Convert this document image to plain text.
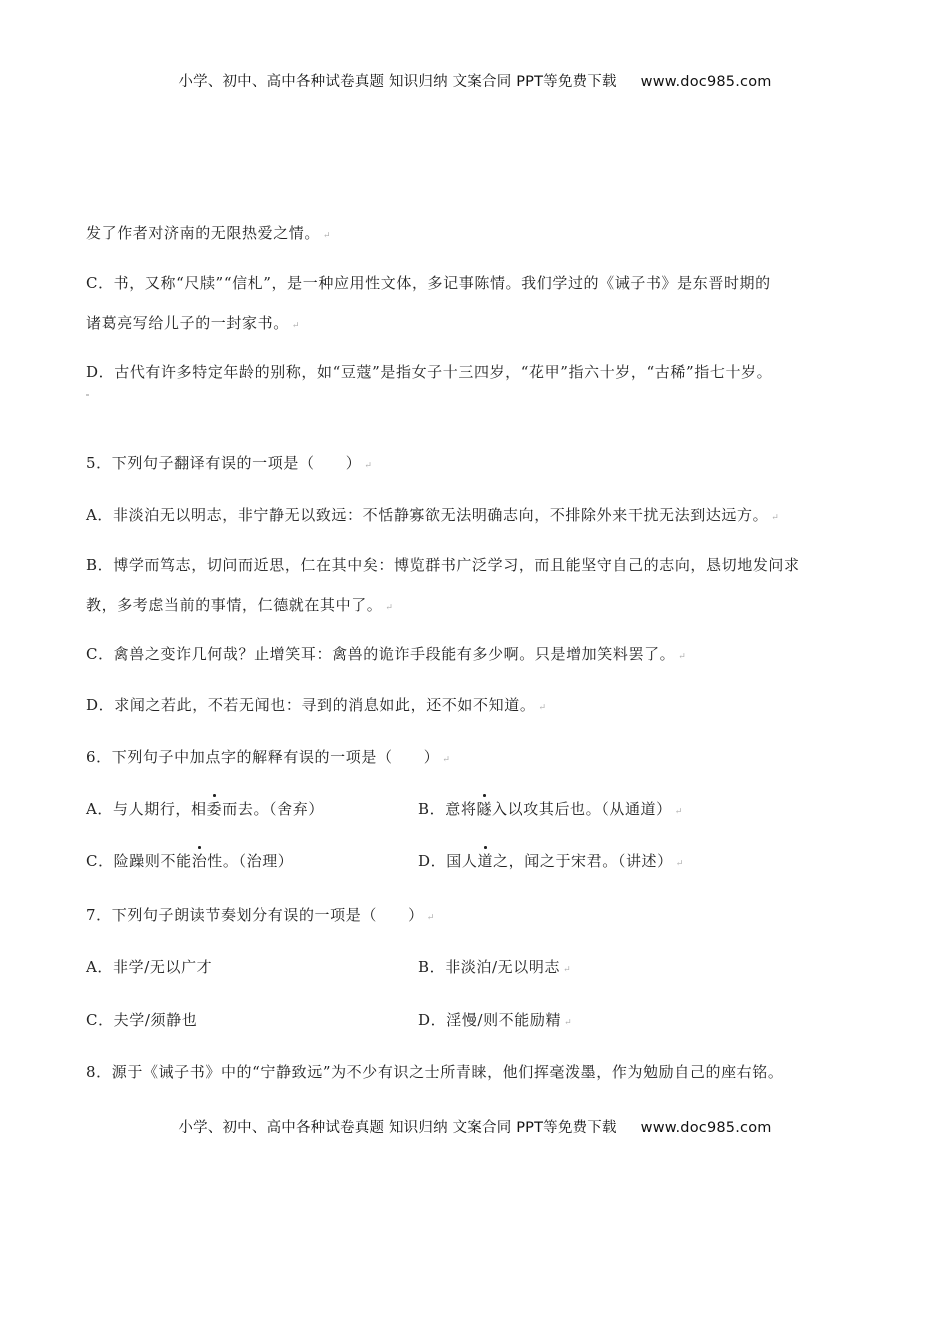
小学、初中、高中各种试卷真题 知识归纳 文案合同 PPT等免费下载 www.doc985.com
发了作者对济南的无限热爱之情。 ↵
C．书，又称“尺牍”“信札”，是一种应用性文体，多记事陈情。我们学过的《诫子书》是东晋时期的
诸葛亮写给儿子的一封家书。 ↵
D．古代有许多特定年龄的别称，如“豆蔻”是指女子十三四岁，“花甲”指六十岁，“古稀”指七十岁。
5．下列句子翻译有误的一项是（　　） ↵
A．非淡泊无以明志，非宁静无以致远：不恬静寡欲无法明确志向，不排除外来干扰无法到达远方。 ↵
B．博学而笃志，切问而近思，仁在其中矣：博览群书广泛学习，而且能坚守自己的志向，恳切地发问求
教，多考虑当前的事情，仁德就在其中了。 ↵
C．禽兽之变诈几何哉？止增笑耳：禽兽的诡诈手段能有多少啊。只是增加笑料罢了。 ↵
D．求闻之若此，不若无闻也：寻到的消息如此，还不如不知道。 ↵
6．下列句子中加点字的解释有误的一项是（　　） ↵
A．与人期行，相委而去。（舍弃）	B．意将隧入以攻其后也。（从通道） ↵
C．险躁则不能治性。（治理）	D．国人道之，闻之于宋君。（讲述） ↵
7．下列句子朗读节奏划分有误的一项是（　　） ↵
A．非学/无以广才	B．非淡泊/无以明志 ↵
C．夫学/须静也	D．淫慢/则不能励精 ↵
8．源于《诫子书》中的“宁静致远”为不少有识之士所青睐，他们挥毫泼墨，作为勉励自己的座右铭。
小学、初中、高中各种试卷真题 知识归纳 文案合同 PPT等免费下载 www.doc985.com
